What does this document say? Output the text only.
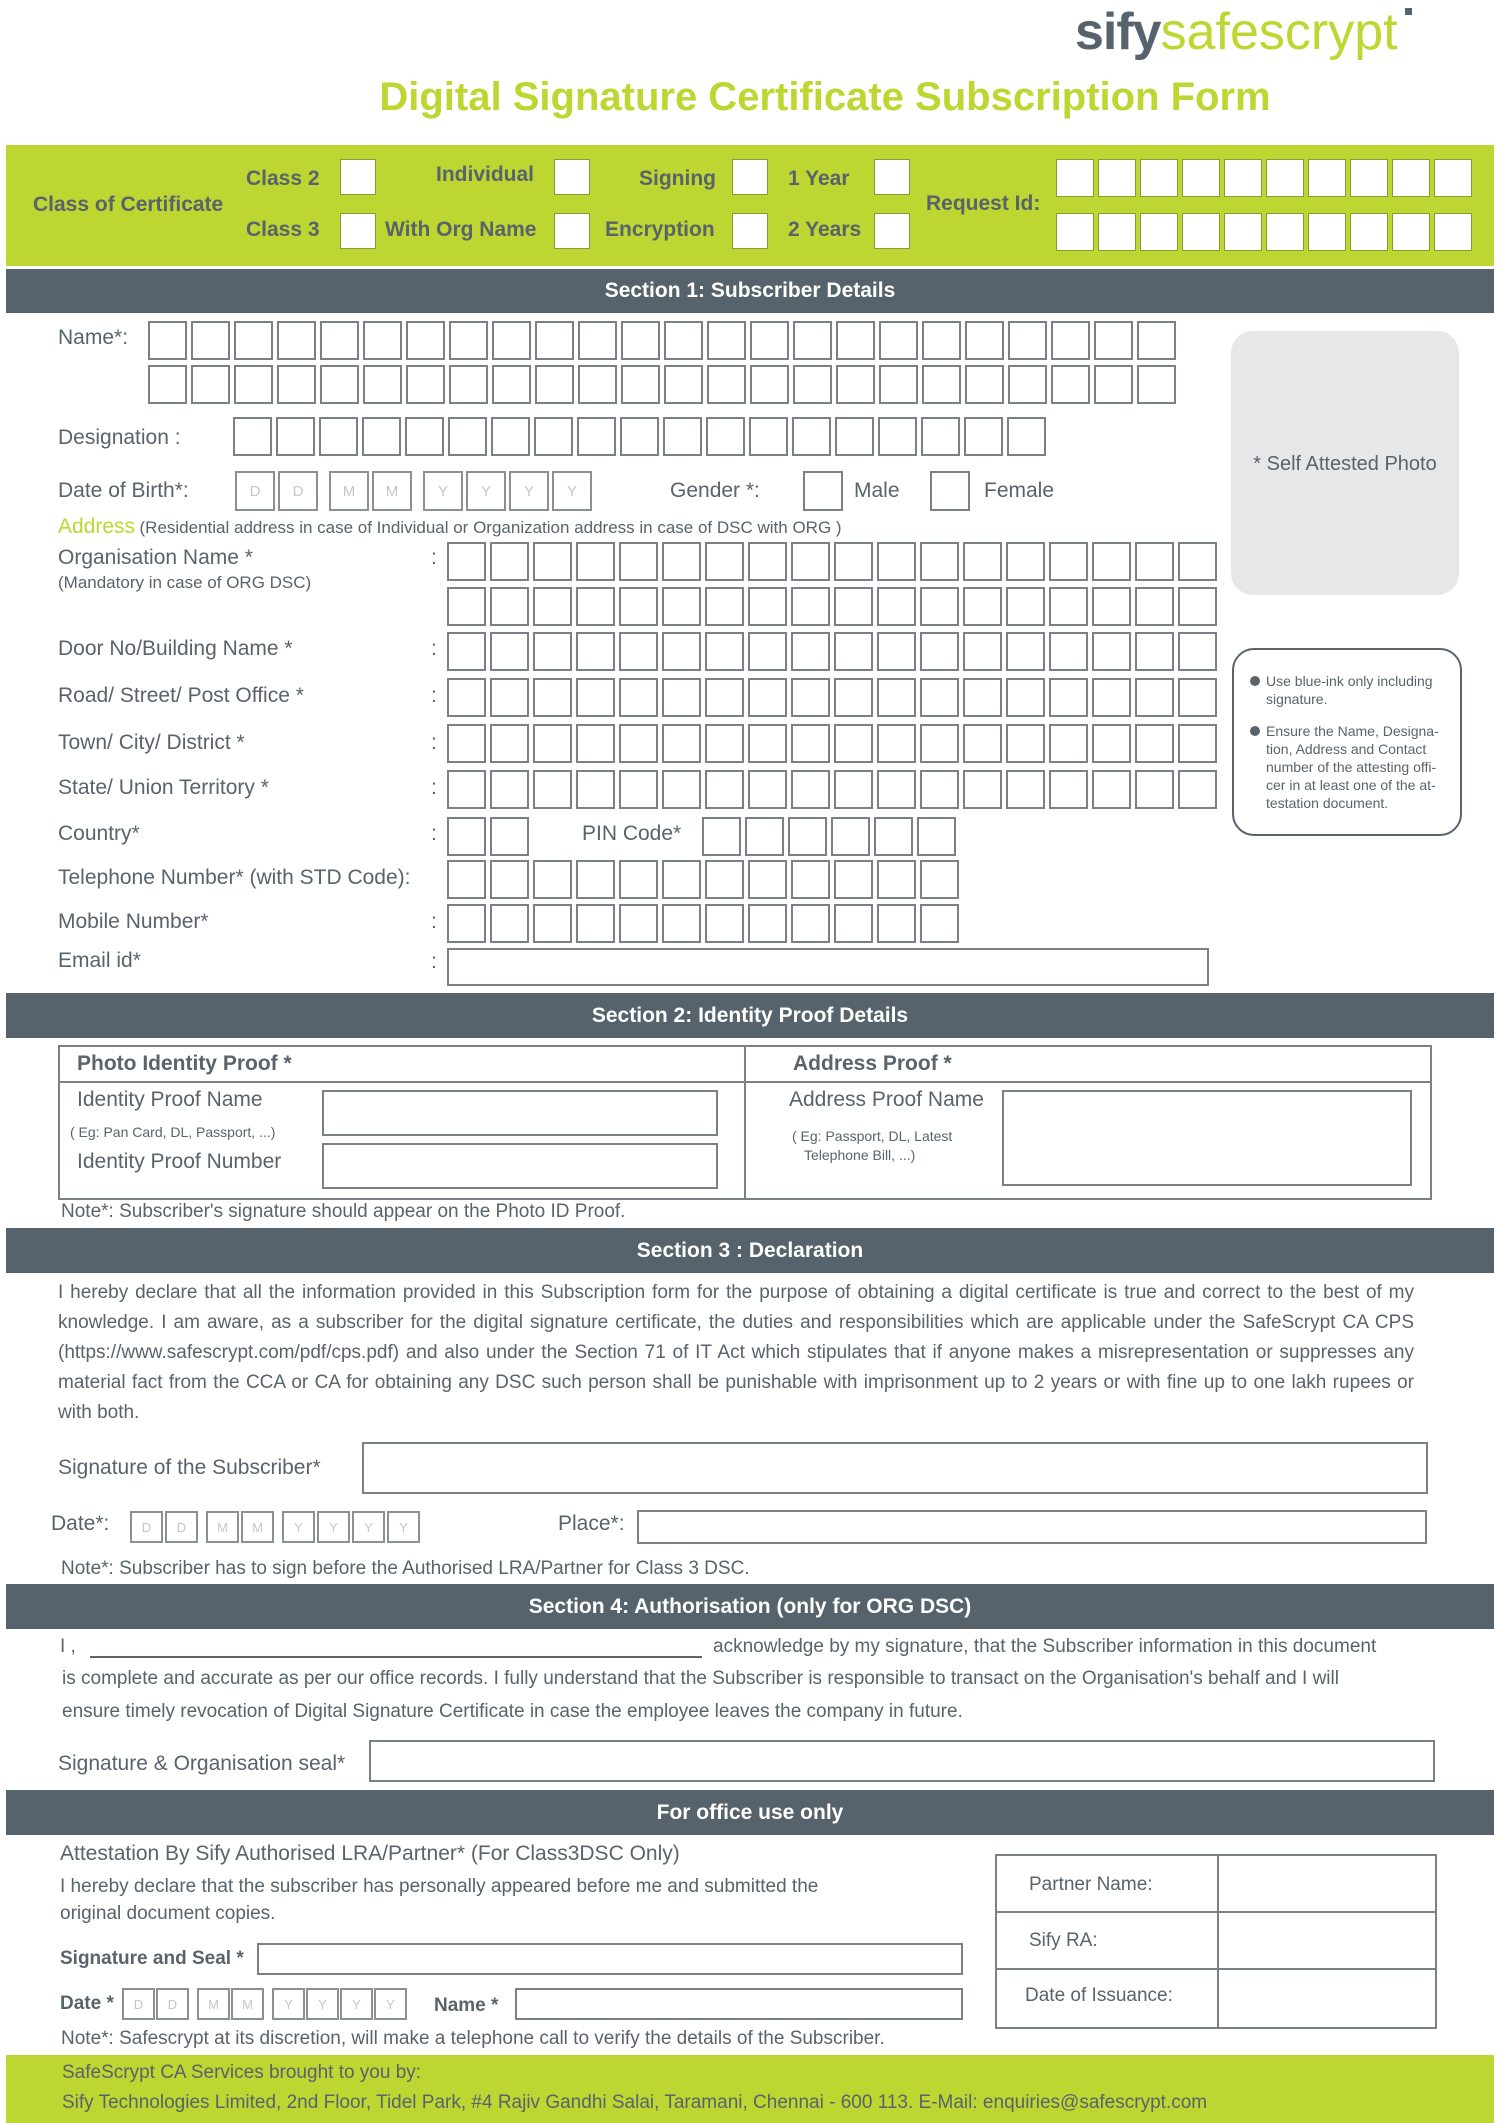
sifysafescrypt
Digital Signature Certificate Subscription Form
Class of Certificate
Class 2
Class 3
Individual
With Org Name
Signing
Encryption
1 Year
2 Years
Request Id:
Section 1: Subscriber Details
Name*:
Designation :
Date of Birth*:	D	D	M	M	Y	Y	Y	Y	Gender *:	Male	Female
* Self Attested Photo
Address (Residential address in case of Individual or Organization address in case of DSC with ORG )
Organisation Name *
(Mandatory in case of ORG DSC)
:
Door No/Building Name *	:
Road/ Street/ Post Office *	:
Town/ City/ District *	:
State/ Union Territory *	:
Country*	:	PIN Code*
Telephone Number* (with STD Code):
Mobile Number*	:
Email id*	:
Use blue-ink only including signature.
Ensure the Name, Designa-tion, Address and Contact number of the attesting offi-cer in at least one of the at-testation document.
Section 2: Identity Proof Details
Photo Identity Proof *
Identity Proof Name
( Eg: Pan Card, DL, Passport, ...)
Identity Proof Number
Address Proof *
Address Proof Name
( Eg: Passport, DL, Latest
Telephone Bill, ...)
Note*: Subscriber's signature should appear on the Photo ID Proof.
Section 3 : Declaration
I hereby declare that all the information provided in this Subscription form for the purpose of obtaining a digital certificate is true and correct to the best of my knowledge. I am aware, as a subscriber for the digital signature certificate, the duties and responsibilities which are applicable under the SafeScrypt CA CPS (https://www.safescrypt.com/pdf/cps.pdf) and also under the Section 71 of IT Act which stipulates that if anyone makes a misrepresentation or suppresses any material fact from the CCA or CA for obtaining any DSC such person shall be punishable with imprisonment up to 2 years or with fine up to one lakh rupees or with both.
Signature of the Subscriber*
Date*:	D	D	M	M	Y	Y	Y	Y	Place*:
Note*: Subscriber has to sign before the Authorised LRA/Partner for Class 3 DSC.
Section 4: Authorisation (only for ORG DSC)
I ,	acknowledge by my signature, that the Subscriber information in this document
is complete and accurate as per our office records. I fully understand that the Subscriber is responsible to transact on the Organisation's behalf and I will
ensure timely revocation of Digital Signature Certificate in case the employee leaves the company in future.
Signature & Organisation seal*
For office use only
Attestation By Sify Authorised LRA/Partner* (For Class3DSC Only)
I hereby declare that the subscriber has personally appeared before me and submitted the
original document copies.
Signature and Seal *
Date *	D	D	M	M	Y	Y	Y	Y	Name *
Partner Name:
Sify RA:
Date of Issuance:
Note*: Safescrypt at its discretion, will make a telephone call to verify the details of the Subscriber.
SafeScrypt CA Services brought to you by:
Sify Technologies Limited, 2nd Floor, Tidel Park, #4 Rajiv Gandhi Salai, Taramani, Chennai - 600 113. E-Mail: enquiries@safescrypt.com
